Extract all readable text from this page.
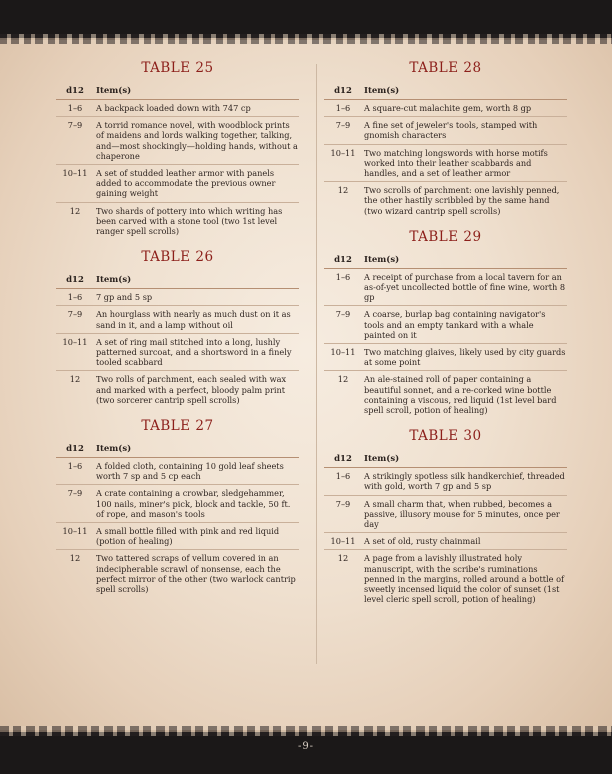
TABLE 25
d12	Item(s)
1–6	A backpack loaded down with 747 cp
7–9	A torrid romance novel, with woodblock prints of maidens and lords walking together, talking, and—most shockingly—holding hands, without a chaperone
10–11	A set of studded leather armor with panels added to accommodate the previous owner gaining weight
12	Two shards of pottery into which writing has been carved with a stone tool (two 1st level ranger spell scrolls)
TABLE 26
d12	Item(s)
1–6	7 gp and 5 sp
7–9	An hourglass with nearly as much dust on it as sand in it, and a lamp without oil
10–11	A set of ring mail stitched into a long, lushly patterned surcoat, and a shortsword in a finely tooled scabbard
12	Two rolls of parchment, each sealed with wax and marked with a perfect, bloody palm print (two sorcerer cantrip spell scrolls)
TABLE 27
d12	Item(s)
1–6	A folded cloth, containing 10 gold leaf sheets worth 7 sp and 5 cp each
7–9	A crate containing a crowbar, sledgehammer, 100 nails, miner's pick, block and tackle, 50 ft. of rope, and mason's tools
10–11	A small bottle filled with pink and red liquid (potion of healing)
12	Two tattered scraps of vellum covered in an indecipherable scrawl of nonsense, each the perfect mirror of the other (two warlock cantrip spell scrolls)
TABLE 28
d12	Item(s)
1–6	A square-cut malachite gem, worth 8 gp
7–9	A fine set of jeweler's tools, stamped with gnomish characters
10–11	Two matching longswords with horse motifs worked into their leather scabbards and handles, and a set of leather armor
12	Two scrolls of parchment: one lavishly penned, the other hastily scribbled by the same hand (two wizard cantrip spell scrolls)
TABLE 29
d12	Item(s)
1–6	A receipt of purchase from a local tavern for an as-of-yet uncollected bottle of fine wine, worth 8 gp
7–9	A coarse, burlap bag containing navigator's tools and an empty tankard with a whale painted on it
10–11	Two matching glaives, likely used by city guards at some point
12	An ale-stained roll of paper containing a beautiful sonnet, and a re-corked wine bottle containing a viscous, red liquid (1st level bard spell scroll, potion of healing)
TABLE 30
d12	Item(s)
1–6	A strikingly spotless silk handkerchief, threaded with gold, worth 7 gp and 5 sp
7–9	A small charm that, when rubbed, becomes a passive, illusory mouse for 5 minutes, once per day
10–11	A set of old, rusty chainmail
12	A page from a lavishly illustrated holy manuscript, with the scribe's ruminations penned in the margins, rolled around a bottle of sweetly incensed liquid the color of sunset (1st level cleric spell scroll, potion of healing)
-9-
